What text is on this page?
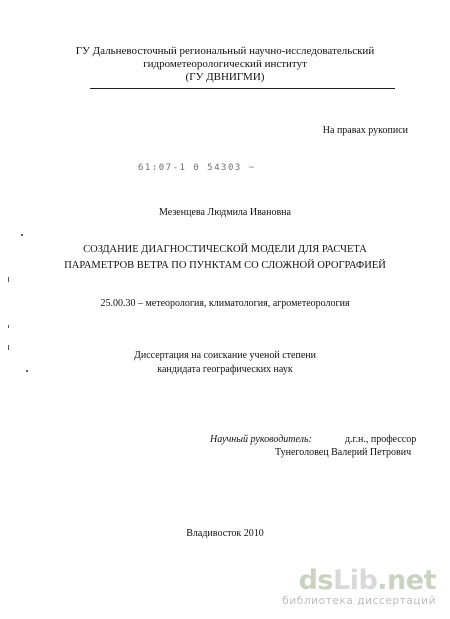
ГУ Дальневосточный региональный научно-исследовательский
гидрометеорологический институт
(ГУ ДВНИГМИ)
На правах рукописи
61:07-1 0 54303 ~
Мезенцева Людмила Ивановна
СОЗДАНИЕ ДИАГНОСТИЧЕСКОЙ МОДЕЛИ ДЛЯ РАСЧЕТА
ПАРАМЕТРОВ ВЕТРА ПО ПУНКТАМ СО СЛОЖНОЙ ОРОГРАФИЕЙ
25.00.30 – метеорология, климатология, агрометеорология
Диссертация на соискание ученой степени
кандидата географических наук
Научный руководитель:	д.г.н., профессор
Тунеголовец Валерий Петрович
Владивосток 2010
dsLib.net
библиотека диссертаций
